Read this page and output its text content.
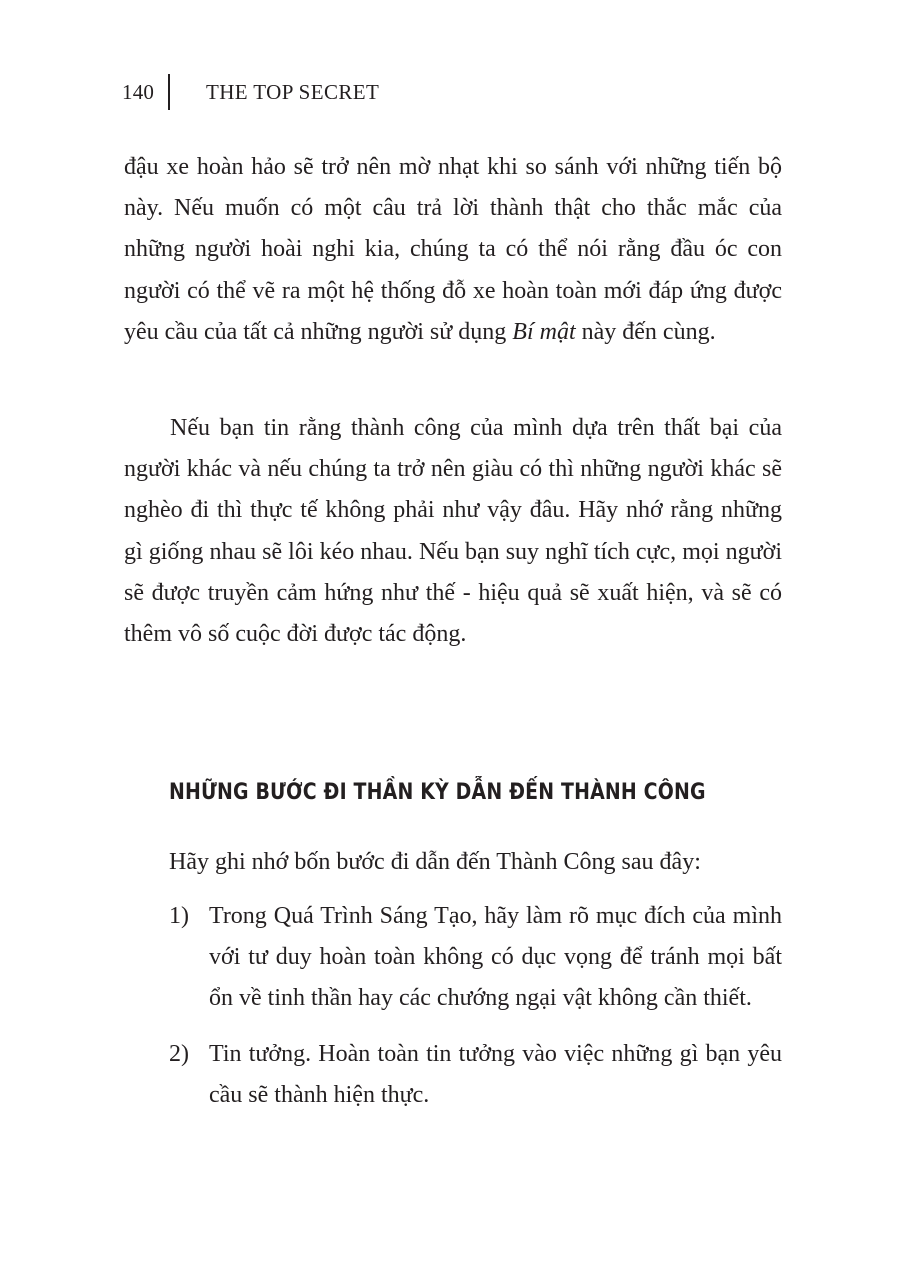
140	THE TOP SECRET

đậu xe hoàn hảo sẽ trở nên mờ nhạt khi so sánh với những tiến bộ này. Nếu muốn có một câu trả lời thành thật cho thắc mắc của những người hoài nghi kia, chúng ta có thể nói rằng đầu óc con người có thể vẽ ra một hệ thống đỗ xe hoàn toàn mới đáp ứng được yêu cầu của tất cả những người sử dụng Bí mật này đến cùng.

Nếu bạn tin rằng thành công của mình dựa trên thất bại của người khác và nếu chúng ta trở nên giàu có thì những người khác sẽ nghèo đi thì thực tế không phải như vậy đâu. Hãy nhớ rằng những gì giống nhau sẽ lôi kéo nhau. Nếu bạn suy nghĩ tích cực, mọi người sẽ được truyền cảm hứng như thế - hiệu quả sẽ xuất hiện, và sẽ có thêm vô số cuộc đời được tác động.

NHỮNG BƯỚC ĐI THẦN KỲ DẪN ĐẾN THÀNH CÔNG

Hãy ghi nhớ bốn bước đi dẫn đến Thành Công sau đây:

1) Trong Quá Trình Sáng Tạo, hãy làm rõ mục đích của mình với tư duy hoàn toàn không có dục vọng để tránh mọi bất ổn về tinh thần hay các chướng ngại vật không cần thiết.
2) Tin tưởng. Hoàn toàn tin tưởng vào việc những gì bạn yêu cầu sẽ thành hiện thực.
